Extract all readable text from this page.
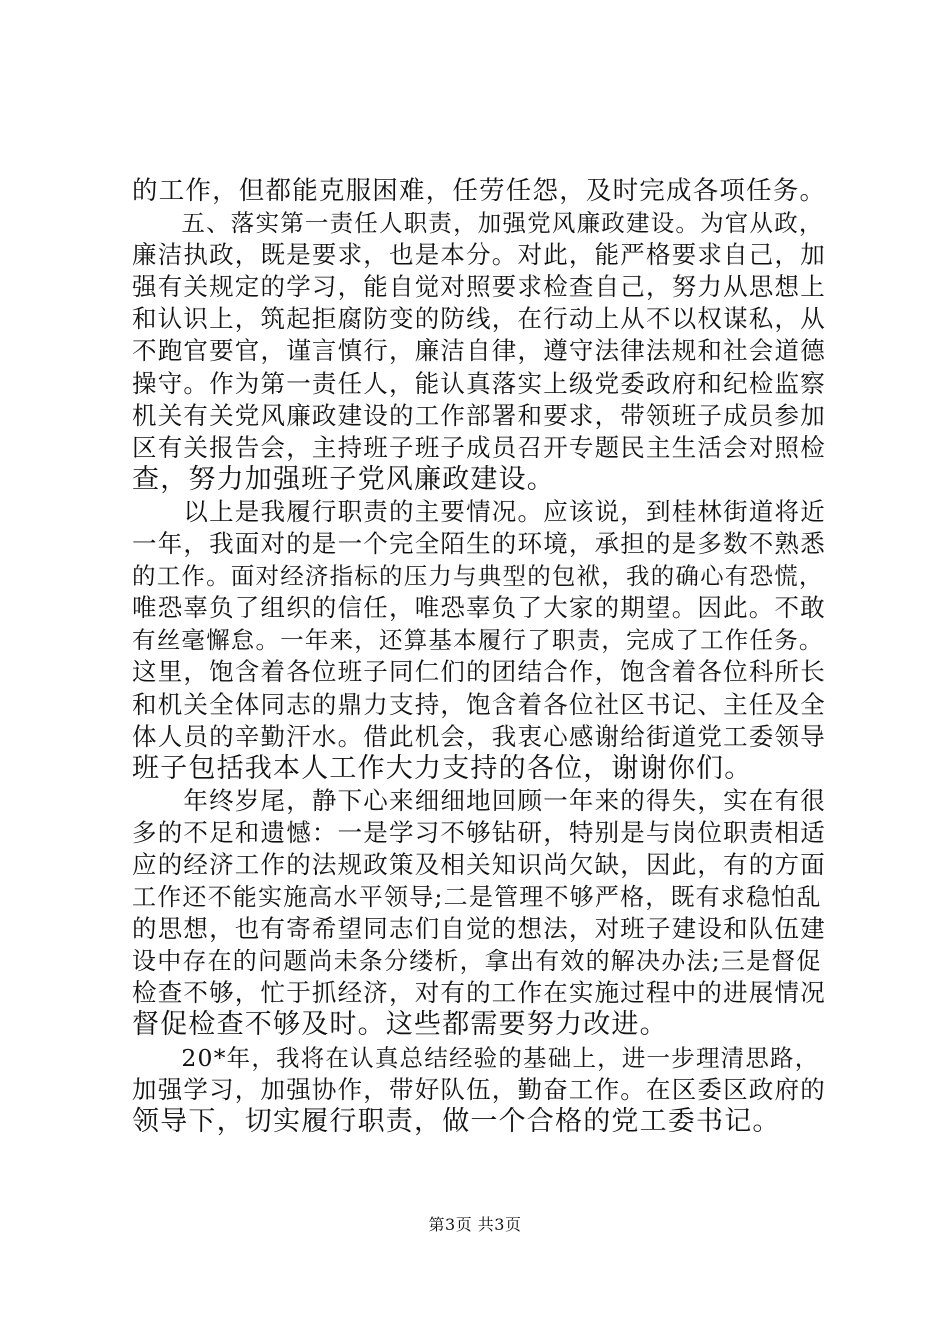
的工作，但都能克服困难，任劳任怨，及时完成各项任务。
　　五、落实第一责任人职责，加强党风廉政建设。为官从政，
廉洁执政，既是要求，也是本分。对此，能严格要求自己，加
强有关规定的学习，能自觉对照要求检查自己，努力从思想上
和认识上，筑起拒腐防变的防线，在行动上从不以权谋私，从
不跑官要官，谨言慎行，廉洁自律，遵守法律法规和社会道德
操守。作为第一责任人，能认真落实上级党委政府和纪检监察
机关有关党风廉政建设的工作部署和要求，带领班子成员参加
区有关报告会，主持班子班子成员召开专题民主生活会对照检
查，努力加强班子党风廉政建设。
　　以上是我履行职责的主要情况。应该说，到桂林街道将近
一年，我面对的是一个完全陌生的环境，承担的是多数不熟悉
的工作。面对经济指标的压力与典型的包袱，我的确心有恐慌，
唯恐辜负了组织的信任，唯恐辜负了大家的期望。因此。不敢
有丝毫懈怠。一年来，还算基本履行了职责，完成了工作任务。
这里，饱含着各位班子同仁们的团结合作，饱含着各位科所长
和机关全体同志的鼎力支持，饱含着各位社区书记、主任及全
体人员的辛勤汗水。借此机会，我衷心感谢给街道党工委领导
班子包括我本人工作大力支持的各位，谢谢你们。
　　年终岁尾，静下心来细细地回顾一年来的得失，实在有很
多的不足和遗憾：一是学习不够钻研，特别是与岗位职责相适
应的经济工作的法规政策及相关知识尚欠缺，因此，有的方面
工作还不能实施高水平领导;二是管理不够严格，既有求稳怕乱
的思想，也有寄希望同志们自觉的想法，对班子建设和队伍建
设中存在的问题尚未条分缕析，拿出有效的解决办法;三是督促
检查不够，忙于抓经济，对有的工作在实施过程中的进展情况
督促检查不够及时。这些都需要努力改进。
　　20*年，我将在认真总结经验的基础上，进一步理清思路，
加强学习，加强协作，带好队伍，勤奋工作。在区委区政府的
领导下，切实履行职责，做一个合格的党工委书记。
第3页 共3页
